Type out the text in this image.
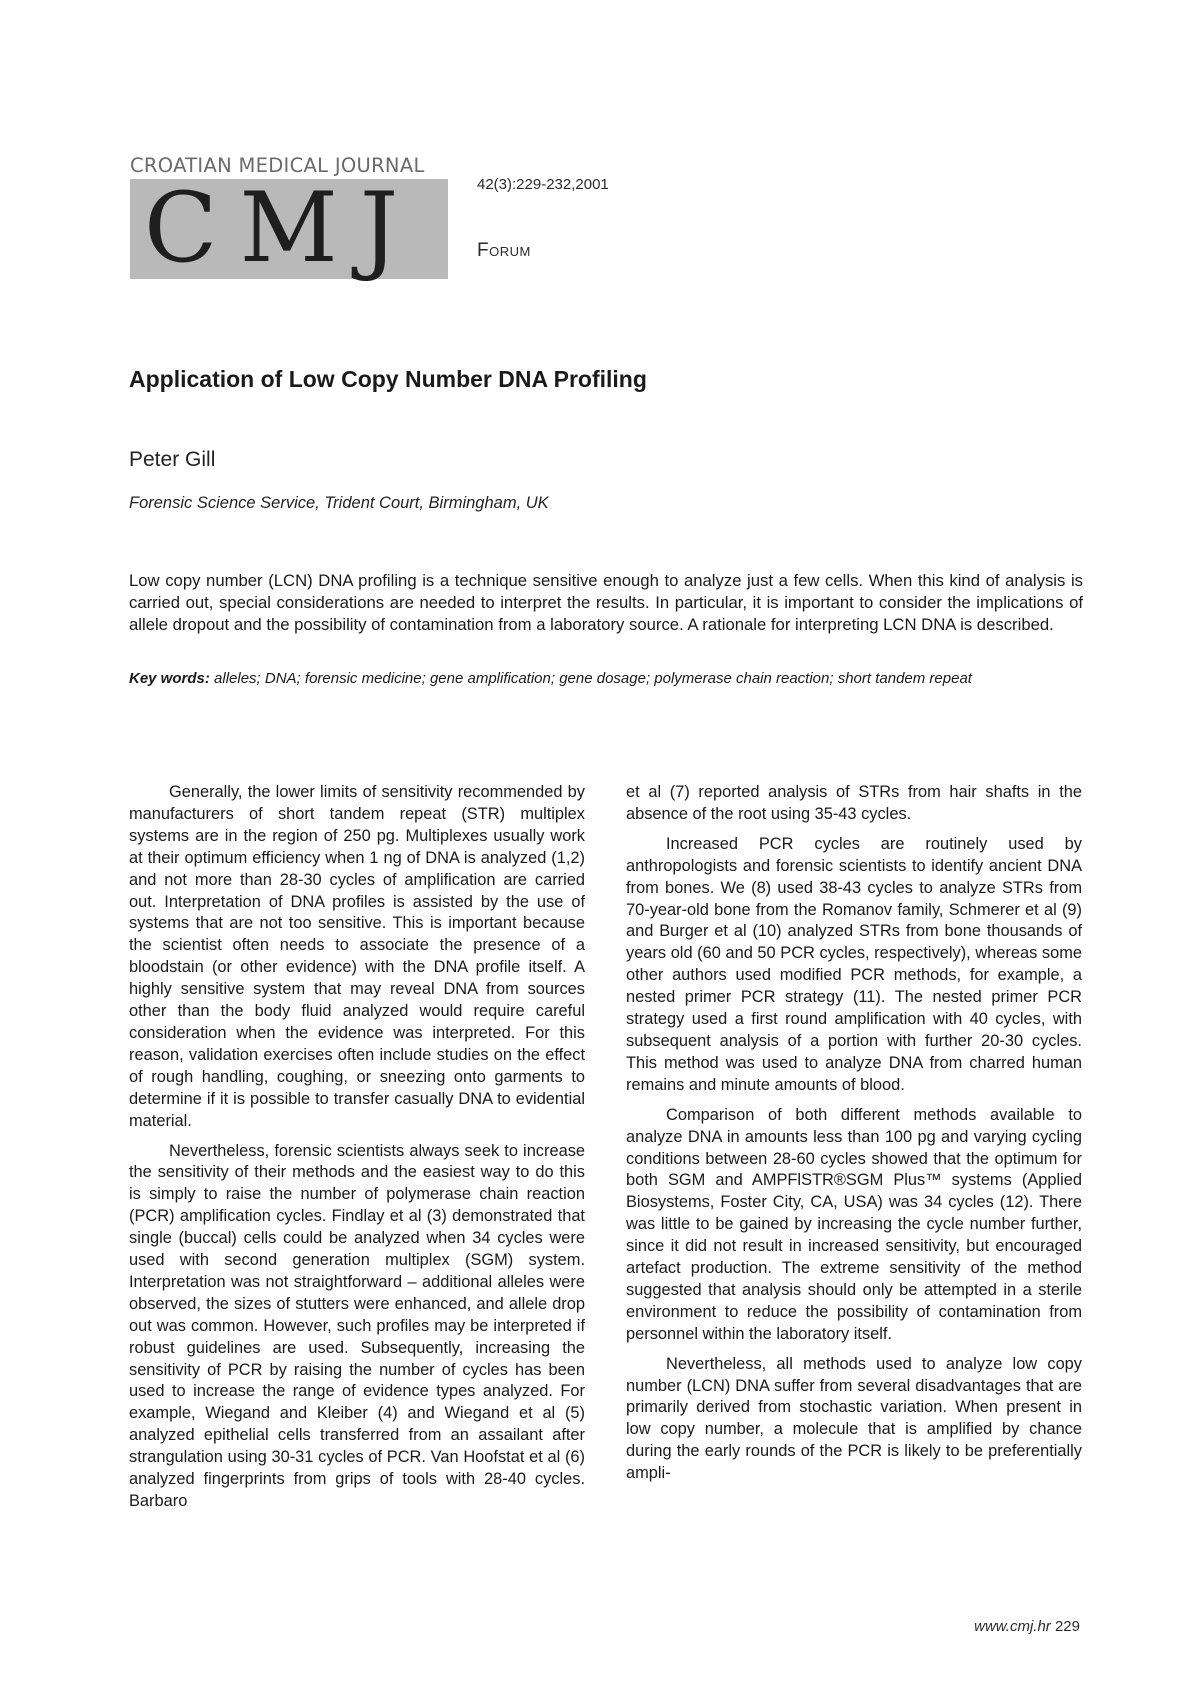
CROATIAN MEDICAL JOURNAL
CMJ	42(3):229-232,2001
Forum
Application of Low Copy Number DNA Profiling
Peter Gill
Forensic Science Service, Trident Court, Birmingham, UK

Low copy number (LCN) DNA profiling is a technique sensitive enough to analyze just a few cells. When this kind of analysis is carried out, special considerations are needed to interpret the results. In particular, it is important to consider the implications of allele dropout and the possibility of contamination from a laboratory source. A rationale for interpreting LCN DNA is described.

Key words: alleles; DNA; forensic medicine; gene amplification; gene dosage; polymerase chain reaction; short tandem repeat

Generally, the lower limits of sensitivity recommended by manufacturers of short tandem repeat (STR) multiplex systems are in the region of 250 pg. Multiplexes usually work at their optimum efficiency when 1 ng of DNA is analyzed (1,2) and not more than 28-30 cycles of amplification are carried out. Interpretation of DNA profiles is assisted by the use of systems that are not too sensitive. This is important because the scientist often needs to associate the presence of a bloodstain (or other evidence) with the DNA profile itself. A highly sensitive system that may reveal DNA from sources other than the body fluid analyzed would require careful consideration when the evidence was interpreted. For this reason, validation exercises often include studies on the effect of rough handling, coughing, or sneezing onto garments to determine if it is possible to transfer casually DNA to evidential material.

Nevertheless, forensic scientists always seek to increase the sensitivity of their methods and the easiest way to do this is simply to raise the number of polymerase chain reaction (PCR) amplification cycles. Findlay et al (3) demonstrated that single (buccal) cells could be analyzed when 34 cycles were used with second generation multiplex (SGM) system. Interpretation was not straightforward – additional alleles were observed, the sizes of stutters were enhanced, and allele drop out was common. However, such profiles may be interpreted if robust guidelines are used. Subsequently, increasing the sensitivity of PCR by raising the number of cycles has been used to increase the range of evidence types analyzed. For example, Wiegand and Kleiber (4) and Wiegand et al (5) analyzed epithelial cells transferred from an assailant after strangulation using 30-31 cycles of PCR. Van Hoofstat et al (6) analyzed fingerprints from grips of tools with 28-40 cycles. Barbaro

et al (7) reported analysis of STRs from hair shafts in the absence of the root using 35-43 cycles.

Increased PCR cycles are routinely used by anthropologists and forensic scientists to identify ancient DNA from bones. We (8) used 38-43 cycles to analyze STRs from 70-year-old bone from the Romanov family, Schmerer et al (9) and Burger et al (10) analyzed STRs from bone thousands of years old (60 and 50 PCR cycles, respectively), whereas some other authors used modified PCR methods, for example, a nested primer PCR strategy (11). The nested primer PCR strategy used a first round amplification with 40 cycles, with subsequent analysis of a portion with further 20-30 cycles. This method was used to analyze DNA from charred human remains and minute amounts of blood.

Comparison of both different methods available to analyze DNA in amounts less than 100 pg and varying cycling conditions between 28-60 cycles showed that the optimum for both SGM and AMPFlSTR®SGM Plus™ systems (Applied Biosystems, Foster City, CA, USA) was 34 cycles (12). There was little to be gained by increasing the cycle number further, since it did not result in increased sensitivity, but encouraged artefact production. The extreme sensitivity of the method suggested that analysis should only be attempted in a sterile environment to reduce the possibility of contamination from personnel within the laboratory itself.

Nevertheless, all methods used to analyze low copy number (LCN) DNA suffer from several disadvantages that are primarily derived from stochastic variation. When present in low copy number, a molecule that is amplified by chance during the early rounds of the PCR is likely to be preferentially ampli-

www.cmj.hr 229
